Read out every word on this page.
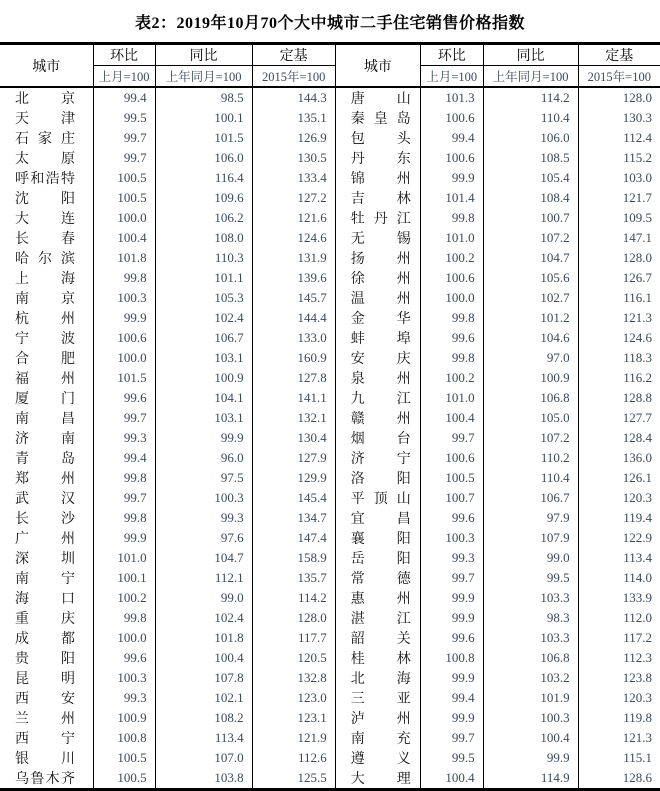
表2：2019年10月70个大中城市二手住宅销售价格指数
城市	环比	同比	定基	城市	环比	同比	定基
	上月=100	上年同月=100	2015年=100		上月=100	上年同月=100	2015年=100

北京	99.4	98.5	144.3	唐山	101.3	114.2	128.0

天津	99.5	100.1	135.1	秦皇岛	100.6	110.4	130.3

石家庄	99.7	101.5	126.9	包头	99.4	106.0	112.4

太原	99.7	106.0	130.5	丹东	100.6	108.5	115.2

呼和浩特	100.5	116.4	133.4	锦州	99.9	105.4	103.0

沈阳	100.5	109.6	127.2	吉林	101.4	108.4	121.7

大连	100.0	106.2	121.6	牡丹江	99.8	100.7	109.5

长春	100.4	108.0	124.6	无锡	101.0	107.2	147.1

哈尔滨	101.8	110.3	131.9	扬州	100.2	104.7	128.0

上海	99.8	101.1	139.6	徐州	100.6	105.6	126.7

南京	100.3	105.3	145.7	温州	100.0	102.7	116.1

杭州	99.9	102.4	144.4	金华	99.8	101.2	121.3

宁波	100.6	106.7	133.0	蚌埠	99.6	104.6	124.6

合肥	100.0	103.1	160.9	安庆	99.8	97.0	118.3

福州	101.5	100.9	127.8	泉州	100.2	100.9	116.2

厦门	99.6	104.1	141.1	九江	101.0	106.8	128.8

南昌	99.7	103.1	132.1	赣州	100.4	105.0	127.7

济南	99.3	99.9	130.4	烟台	99.7	107.2	128.4

青岛	99.4	96.0	127.9	济宁	100.6	110.2	136.0

郑州	99.8	97.5	129.9	洛阳	100.5	110.4	126.1

武汉	99.7	100.3	145.4	平顶山	100.7	106.7	120.3

长沙	99.8	99.3	134.7	宜昌	99.6	97.9	119.4

广州	99.9	97.6	147.4	襄阳	100.3	107.9	122.9

深圳	101.0	104.7	158.9	岳阳	99.3	99.0	113.4

南宁	100.1	112.1	135.7	常德	99.7	99.5	114.0

海口	100.2	99.0	114.2	惠州	99.9	103.3	133.9

重庆	99.8	102.4	128.0	湛江	99.9	98.3	112.0

成都	100.0	101.8	117.7	韶关	99.6	103.3	117.2

贵阳	99.6	100.4	120.5	桂林	100.8	106.8	112.3

昆明	100.3	107.8	132.8	北海	99.9	103.2	123.8

西安	99.3	102.1	123.0	三亚	99.4	101.9	120.3

兰州	100.9	108.2	123.1	泸州	99.9	100.3	119.8

西宁	100.8	113.4	121.9	南充	99.7	100.4	121.3

银川	100.5	107.0	112.6	遵义	99.5	99.9	115.1

乌鲁木齐	100.5	103.8	125.5	大理	100.4	114.9	128.6
